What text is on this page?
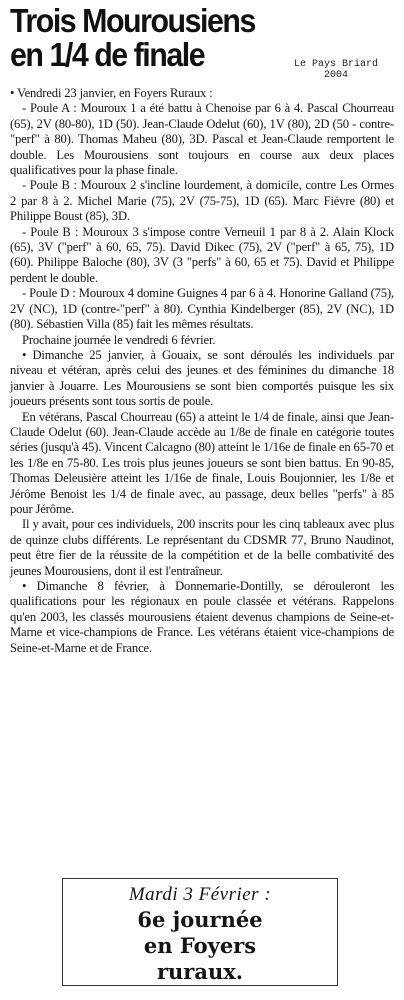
Trois Mourousiens
en 1/4 de finale	Le Pays Briard
2004

• Vendredi 23 janvier, en Foyers Ruraux :

- Poule A : Mouroux 1 a été battu à Chenoise par 6 à 4. Pascal Chourreau (65), 2V (80-80), 1D (50). Jean-Claude Odelut (60), 1V (80), 2D (50 - contre-"perf" à 80). Thomas Maheu (80), 3D. Pascal et Jean-Claude remportent le double. Les Mourousiens sont toujours en course aux deux places qualificatives pour la phase finale.

- Poule B : Mouroux 2 s'incline lourdement, à domicile, contre Les Ormes 2 par 8 à 2. Michel Marie (75), 2V (75-75), 1D (65). Marc Fièvre (80) et Philippe Boust (85), 3D.

- Poule B : Mouroux 3 s'impose contre Verneuil 1 par 8 à 2. Alain Klock (65), 3V ("perf" à 60, 65, 75). David Dikec (75), 2V ("perf" à 65, 75), 1D (60). Philippe Baloche (80), 3V (3 "perfs" à 60, 65 et 75). David et Philippe perdent le double.

- Poule D : Mouroux 4 domine Guignes 4 par 6 à 4. Honorine Galland (75), 2V (NC), 1D (contre-"perf" à 80). Cynthia Kindelberger (85), 2V (NC), 1D (80). Sébastien Villa (85) fait les mêmes résultats.

Prochaine journée le vendredi 6 février.

• Dimanche 25 janvier, à Gouaix, se sont déroulés les individuels par niveau et vétéran, après celui des jeunes et des féminines du dimanche 18 janvier à Jouarre. Les Mourousiens se sont bien comportés puisque les six joueurs présents sont tous sortis de poule.

En vétérans, Pascal Chourreau (65) a atteint le 1/4 de finale, ainsi que Jean-Claude Odelut (60). Jean-Claude accède au 1/8e de finale en catégorie toutes séries (jusqu'à 45). Vincent Calcagno (80) atteint le 1/16e de finale en 65-70 et les 1/8e en 75-80. Les trois plus jeunes joueurs se sont bien battus. En 90-85, Thomas Deleusière atteint les 1/16e de finale, Louis Boujonnier, les 1/8e et Jérôme Benoist les 1/4 de finale avec, au passage, deux belles "perfs" à 85 pour Jérôme.

Il y avait, pour ces individuels, 200 inscrits pour les cinq tableaux avec plus de quinze clubs différents. Le représentant du CDSMR 77, Bruno Naudinot, peut être fier de la réussite de la compétition et de la belle combativité des jeunes Mourousiens, dont il est l'entraîneur.

• Dimanche 8 février, à Donnemarie-Dontilly, se dérouleront les qualifications pour les régionaux en poule classée et vétérans. Rappelons qu'en 2003, les classés mourousiens étaient devenus champions de Seine-et-Marne et vice-champions de France. Les vétérans étaient vice-champions de Seine-et-Marne et de France.

Mardi 3 Février :
6e journée
en Foyers
ruraux.
